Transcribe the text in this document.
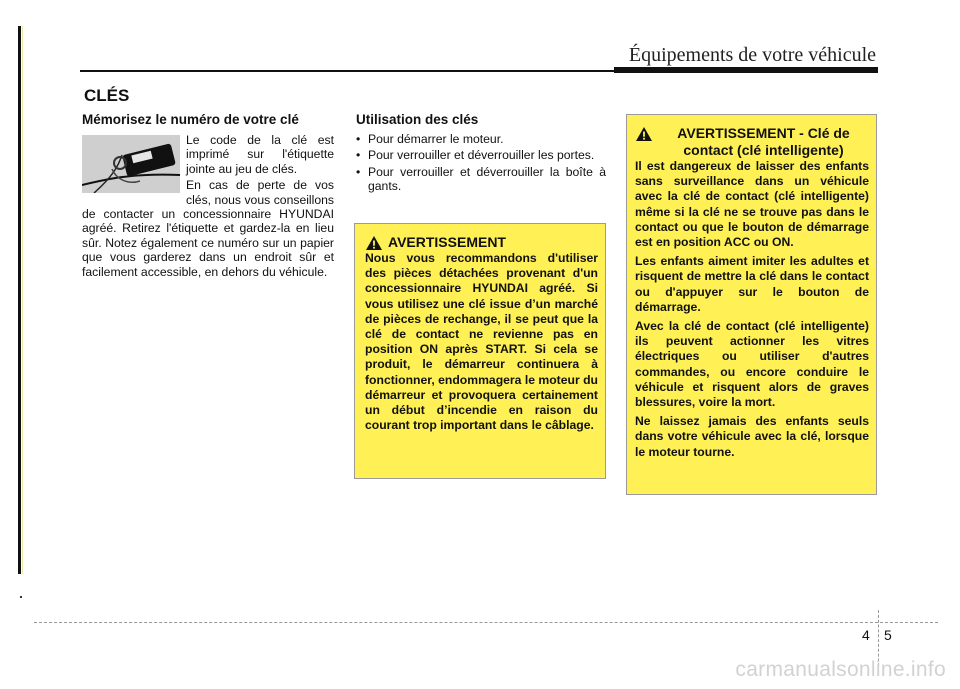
Équipements de votre véhicule
CLÉS
Mémorisez le numéro de votre clé

Le code de la clé est imprimé sur l'étiquette jointe au jeu de clés.

En cas de perte de vos clés, nous vous conseillons de contacter un concessionnaire HYUNDAI agréé. Retirez l'étiquette et gardez-la en lieu sûr. Notez également ce numéro sur un papier que vous garderez dans un endroit sûr et facilement accessible, en dehors du véhicule.

Utilisation des clés
• Pour démarrer le moteur.
• Pour verrouiller et déverrouiller les portes.
• Pour verrouiller et déverrouiller la boîte à gants.
AVERTISSEMENT

Nous vous recommandons d'utiliser des pièces détachées provenant d'un concessionnaire HYUNDAI agréé. Si vous utilisez une clé issue d’un marché de pièces de rechange, il se peut que la clé de contact ne revienne pas en position ON après START. Si cela se produit, le démarreur continuera à fonctionner, endommagera le moteur du démarreur et provoquera certainement un début d’incendie en raison du courant trop important dans le câblage.

AVERTISSEMENT - Clé de contact (clé intelligente)

Il est dangereux de laisser des enfants sans surveillance dans un véhicule avec la clé de contact (clé intelligente) même si la clé ne se trouve pas dans le contact ou que le bouton de démarrage est en position ACC ou ON.

Les enfants aiment imiter les adultes et risquent de mettre la clé dans le contact ou d'appuyer sur le bouton de démarrage.

Avec la clé de contact (clé intelligente) ils peuvent actionner les vitres électriques ou utiliser d'autres commandes, ou encore conduire le véhicule et risquent alors de graves blessures, voire la mort.

Ne laissez jamais des enfants seuls dans votre véhicule avec la clé, lorsque le moteur tourne.

4 5
carmanualsonline.info
